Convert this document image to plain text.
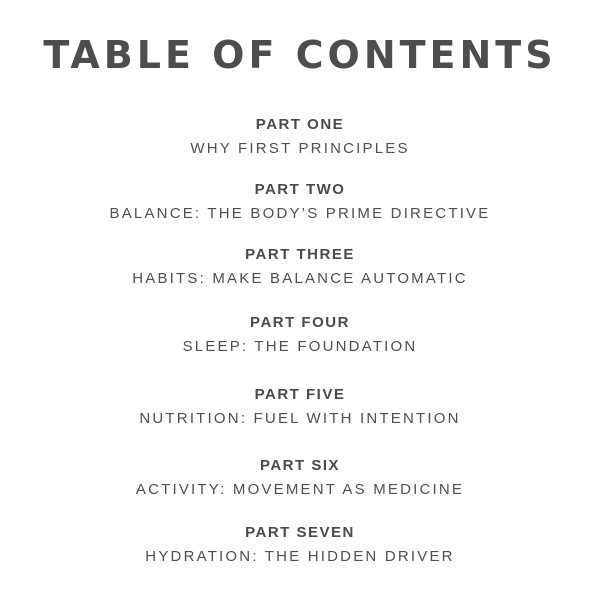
TABLE OF CONTENTS
PART ONE
WHY FIRST PRINCIPLES
PART TWO
BALANCE: THE BODY’S PRIME DIRECTIVE
PART THREE
HABITS: MAKE BALANCE AUTOMATIC
PART FOUR
SLEEP: THE FOUNDATION
PART FIVE
NUTRITION: FUEL WITH INTENTION
PART SIX
ACTIVITY: MOVEMENT AS MEDICINE
PART SEVEN
HYDRATION: THE HIDDEN DRIVER
